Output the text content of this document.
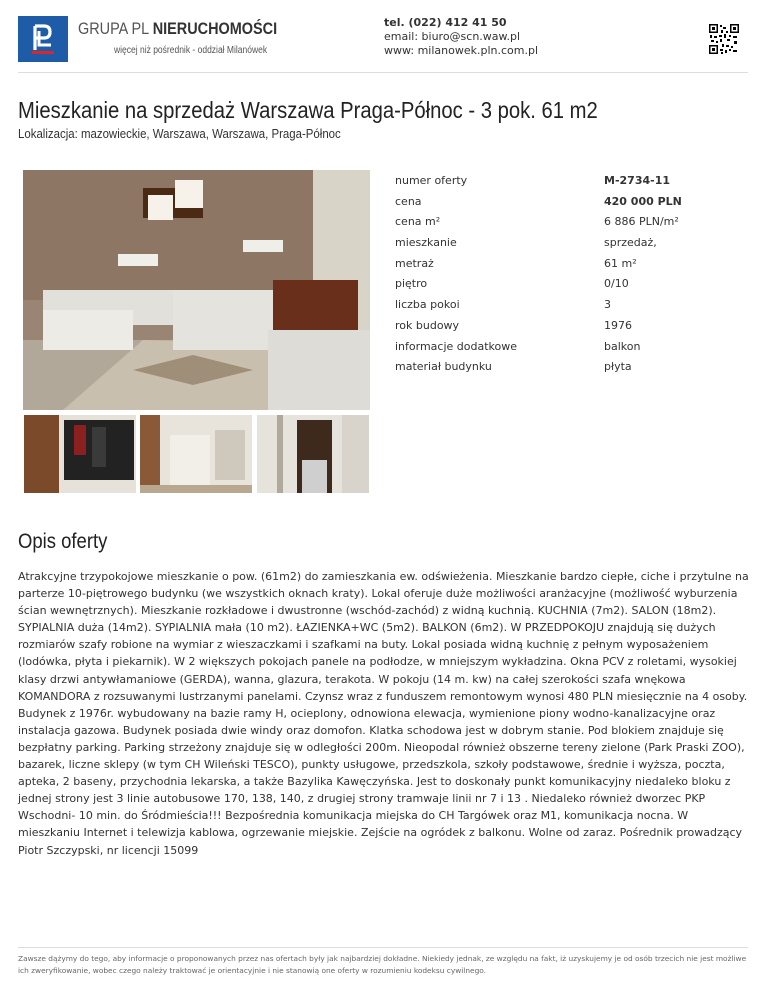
GRUPA PL NIERUCHOMOŚCI
więcej niż pośrednik - oddział Milanówek
tel. (022) 412 41 50
email: biuro@scn.waw.pl
www: milanowek.pln.com.pl
Mieszkanie na sprzedaż Warszawa Praga-Północ - 3 pok. 61 m2
Lokalizacja: mazowieckie, Warszawa, Warszawa, Praga-Północ
numer oferty	M-2734-11
cena	420 000 PLN
cena m²	6 886 PLN/m²
mieszkanie	sprzedaż,
metraż	61 m²
piętro	0/10
liczba pokoi	3
rok budowy	1976
informacje dodatkowe	balkon
materiał budynku	płyta
Opis oferty
Atrakcyjne trzypokojowe mieszkanie o pow. (61m2) do zamieszkania ew. odświeżenia. Mieszkanie bardzo ciepłe, ciche i przytulne na parterze 10-piętrowego budynku (we wszystkich oknach kraty). Lokal oferuje duże możliwości aranżacyjne (możliwość wyburzenia ścian wewnętrznych). Mieszkanie rozkładowe i dwustronne (wschód-zachód) z widną kuchnią. KUCHNIA (7m2). SALON (18m2). SYPIALNIA duża (14m2). SYPIALNIA mała (10 m2). ŁAZIENKA+WC (5m2). BALKON (6m2). W PRZEDPOKOJU znajdują się dużych rozmiarów szafy robione na wymiar z wieszaczkami i szafkami na buty. Lokal posiada widną kuchnię z pełnym wyposażeniem (lodówka, płyta i piekarnik). W 2 większych pokojach panele na podłodze, w mniejszym wykładzina. Okna PCV z roletami, wysokiej klasy drzwi antywłamaniowe (GERDA), wanna, glazura, terakota. W pokoju (14 m. kw) na całej szerokości szafa wnękowa KOMANDORA z rozsuwanymi lustrzanymi panelami. Czynsz wraz z funduszem remontowym wynosi 480 PLN miesięcznie na 4 osoby. Budynek z 1976r. wybudowany na bazie ramy H, ocieplony, odnowiona elewacja, wymienione piony wodno-kanalizacyjne oraz instalacja gazowa. Budynek posiada dwie windy oraz domofon. Klatka schodowa jest w dobrym stanie. Pod blokiem znajduje się bezpłatny parking. Parking strzeżony znajduje się w odległości 200m. Nieopodal również obszerne tereny zielone (Park Praski ZOO), bazarek, liczne sklepy (w tym CH Wileński TESCO), punkty usługowe, przedszkola, szkoły podstawowe, średnie i wyższa, poczta, apteka, 2 baseny, przychodnia lekarska, a także Bazylika Kawęczyńska. Jest to doskonały punkt komunikacyjny niedaleko bloku z jednej strony jest 3 linie autobusowe 170, 138, 140, z drugiej strony tramwaje linii nr 7 i 13 . Niedaleko również dworzec PKP Wschodni- 10 min. do Śródmieścia!!! Bezpośrednia komunikacja miejska do CH Targówek oraz M1, komunikacja nocna. W mieszkaniu Internet i telewizja kablowa, ogrzewanie miejskie. Zejście na ogródek z balkonu. Wolne od zaraz. Pośrednik prowadzący Piotr Szczypski, nr licencji 15099
Zawsze dążymy do tego, aby informacje o proponowanych przez nas ofertach były jak najbardziej dokładne. Niekiedy jednak, ze względu na fakt, iż uzyskujemy je od osób trzecich nie jest możliwe ich zweryfikowanie, wobec czego należy traktować je orientacyjnie i nie stanowią one oferty w rozumieniu kodeksu cywilnego.
